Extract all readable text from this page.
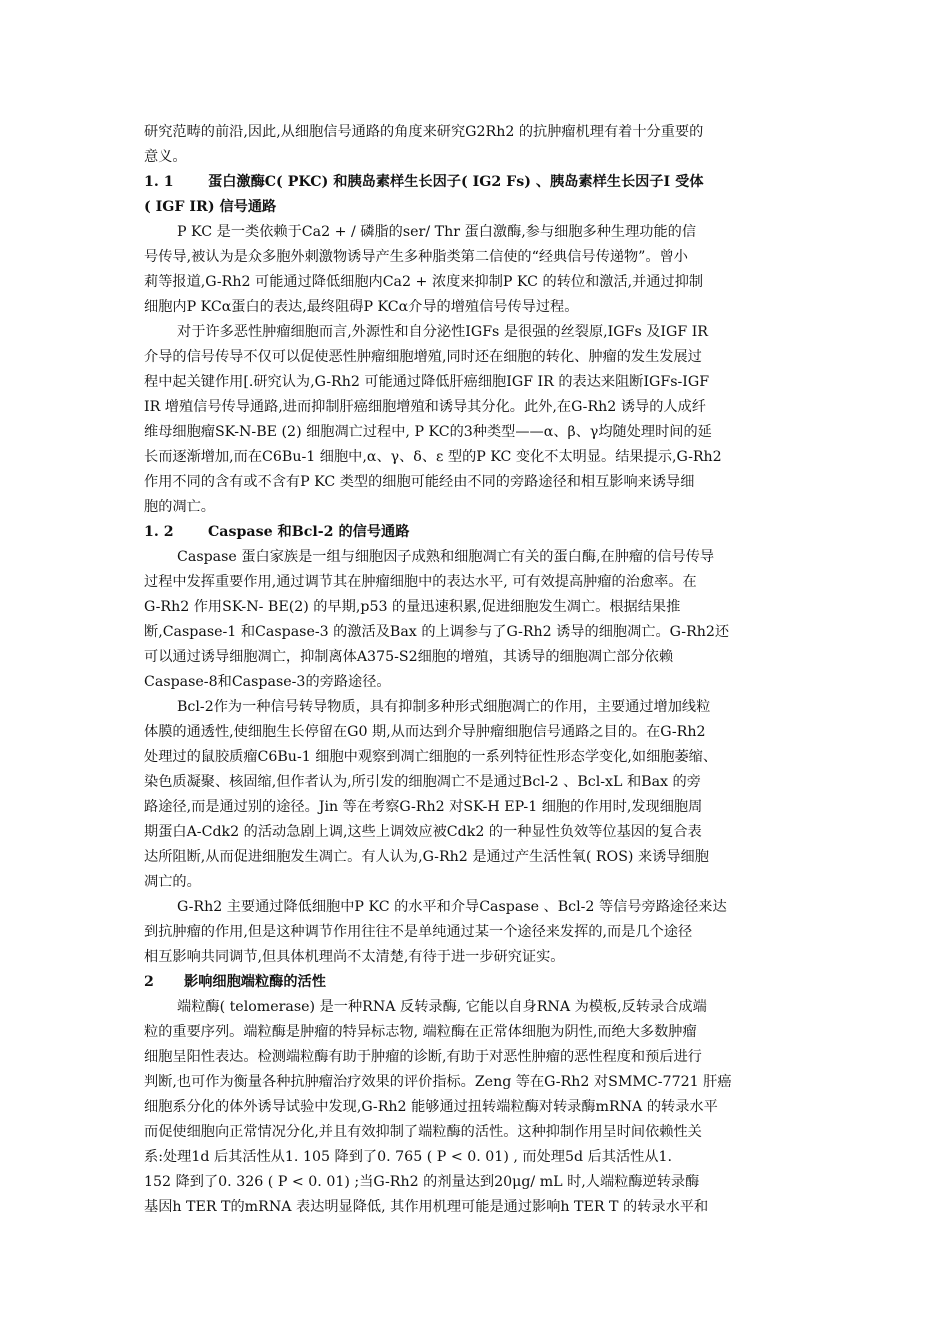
研究范畴的前沿,因此,从细胞信号通路的角度来研究G2Rh2 的抗肿瘤机理有着十分重要的
意义。
1. 1 蛋白激酶C( PKC) 和胰岛素样生长因子( IG2 Fs) 、胰岛素样生长因子Ⅰ 受体
( IGF IR) 信号通路
P KC 是一类依赖于Ca2 + / 磷脂的ser/ Thr 蛋白激酶,参与细胞多种生理功能的信
号传导,被认为是众多胞外刺激物诱导产生多种脂类第二信使的“经典信号传递物”。曾小
莉等报道,G-Rh2 可能通过降低细胞内Ca2 + 浓度来抑制P KC 的转位和激活,并通过抑制
细胞内P KCα蛋白的表达,最终阻碍P KCα介导的增殖信号传导过程。
对于许多恶性肿瘤细胞而言,外源性和自分泌性IGFs 是很强的丝裂原,IGFs 及IGF IR
介导的信号传导不仅可以促使恶性肿瘤细胞增殖,同时还在细胞的转化、肿瘤的发生发展过
程中起关键作用[.研究认为,G-Rh2 可能通过降低肝癌细胞IGF IR 的表达来阻断IGFs-IGF
IR 增殖信号传导通路,进而抑制肝癌细胞增殖和诱导其分化。此外,在G-Rh2 诱导的人成纤
维母细胞瘤SK-N-BE (2) 细胞凋亡过程中, P KC的3种类型——α、β、γ均随处理时间的延
长而逐渐增加,而在C6Bu-1 细胞中,α、γ、δ、ε 型的P KC 变化不太明显。结果提示,G-Rh2
作用不同的含有或不含有P KC 类型的细胞可能经由不同的旁路途径和相互影响来诱导细
胞的凋亡。
1. 2 Caspase 和Bcl-2 的信号通路
Caspase 蛋白家族是一组与细胞因子成熟和细胞凋亡有关的蛋白酶,在肿瘤的信号传导
过程中发挥重要作用,通过调节其在肿瘤细胞中的表达水平, 可有效提高肿瘤的治愈率。在
G-Rh2 作用SK-N- BE(2) 的早期,p53 的量迅速积累,促进细胞发生凋亡。根据结果推
断,Caspase-1 和Caspase-3 的激活及Bax 的上调参与了G-Rh2 诱导的细胞凋亡。G-Rh2还
可以通过诱导细胞凋亡，抑制离体A375-S2细胞的增殖，其诱导的细胞凋亡部分依赖
Caspase-8和Caspase-3的旁路途径。
Bcl-2作为一种信号转导物质，具有抑制多种形式细胞凋亡的作用，主要通过增加线粒
体膜的通透性,使细胞生长停留在G0 期,从而达到介导肿瘤细胞信号通路之目的。在G-Rh2
处理过的鼠胶质瘤C6Bu-1 细胞中观察到凋亡细胞的一系列特征性形态学变化,如细胞萎缩、
染色质凝聚、核固缩,但作者认为,所引发的细胞凋亡不是通过Bcl-2 、Bcl-xL 和Bax 的旁
路途径,而是通过别的途径。Jin 等在考察G-Rh2 对SK-H EP-1 细胞的作用时,发现细胞周
期蛋白A-Cdk2 的活动急剧上调,这些上调效应被Cdk2 的一种显性负效等位基因的复合表
达所阻断,从而促进细胞发生凋亡。有人认为,G-Rh2 是通过产生活性氧( ROS) 来诱导细胞
凋亡的。
G-Rh2 主要通过降低细胞中P KC 的水平和介导Caspase 、Bcl-2 等信号旁路途径来达
到抗肿瘤的作用,但是这种调节作用往往不是单纯通过某一个途径来发挥的,而是几个途径
相互影响共同调节,但具体机理尚不太清楚,有待于进一步研究证实。
2 影响细胞端粒酶的活性
端粒酶( telomerase) 是一种RNA 反转录酶, 它能以自身RNA 为模板,反转录合成端
粒的重要序列。端粒酶是肿瘤的特异标志物, 端粒酶在正常体细胞为阴性,而绝大多数肿瘤
细胞呈阳性表达。检测端粒酶有助于肿瘤的诊断,有助于对恶性肿瘤的恶性程度和预后进行
判断,也可作为衡量各种抗肿瘤治疗效果的评价指标。Zeng 等在G-Rh2 对SMMC-7721 肝癌
细胞系分化的体外诱导试验中发现,G-Rh2 能够通过扭转端粒酶对转录酶mRNA 的转录水平
而促使细胞向正常情况分化,并且有效抑制了端粒酶的活性。这种抑制作用呈时间依赖性关
系:处理1d 后其活性从1. 105 降到了0. 765 ( P < 0. 01) , 而处理5d 后其活性从1.
152 降到了0. 326 ( P < 0. 01) ;当G-Rh2 的剂量达到20μg/ mL 时,人端粒酶逆转录酶
基因h TER T的mRNA 表达明显降低, 其作用机理可能是通过影响h TER T 的转录水平和
